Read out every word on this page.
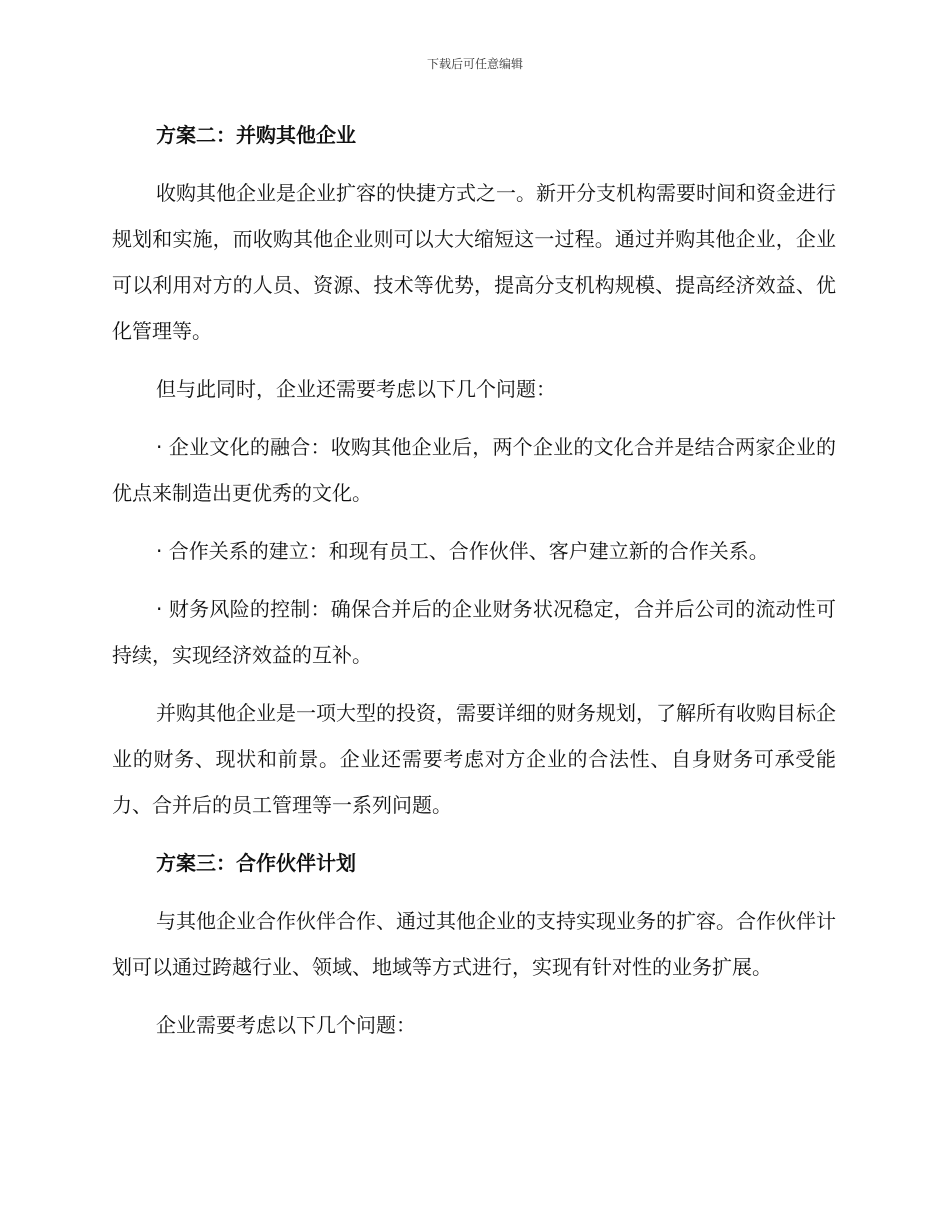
下载后可任意编辑
方案二：并购其他企业

收购其他企业是企业扩容的快捷方式之一。新开分支机构需要时间和资金进行规划和实施，而收购其他企业则可以大大缩短这一过程。通过并购其他企业，企业可以利用对方的人员、资源、技术等优势，提高分支机构规模、提高经济效益、优化管理等。

但与此同时，企业还需要考虑以下几个问题：

· 企业文化的融合：收购其他企业后，两个企业的文化合并是结合两家企业的优点来制造出更优秀的文化。

· 合作关系的建立：和现有员工、合作伙伴、客户建立新的合作关系。

· 财务风险的控制：确保合并后的企业财务状况稳定，合并后公司的流动性可持续，实现经济效益的互补。

并购其他企业是一项大型的投资，需要详细的财务规划，了解所有收购目标企业的财务、现状和前景。企业还需要考虑对方企业的合法性、自身财务可承受能力、合并后的员工管理等一系列问题。

方案三：合作伙伴计划

与其他企业合作伙伴合作、通过其他企业的支持实现业务的扩容。合作伙伴计划可以通过跨越行业、领域、地域等方式进行，实现有针对性的业务扩展。

企业需要考虑以下几个问题：
